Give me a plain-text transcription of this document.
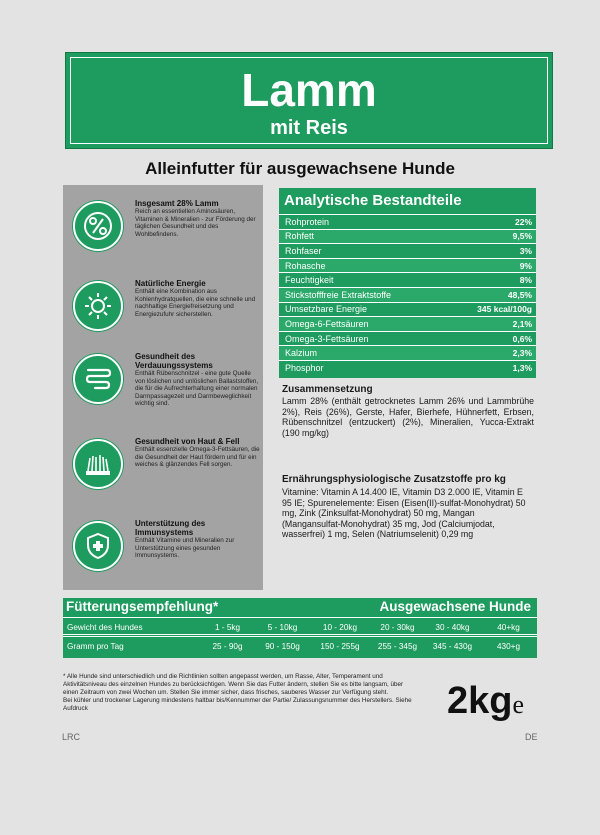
Lamm
mit Reis
Alleinfutter für ausgewachsene Hunde
Insgesamt 28% Lamm
Reich an essentiellen Aminosäuren, Vitaminen & Mineralien - zur Förderung der täglichen Gesundheit und des Wohlbefindens.
Natürliche Energie
Enthält eine Kombination aus Kohlenhydratquellen, die eine schnelle und nachhaltige Energiefreisetzung und Energiezufuhr sicherstellen.
Gesundheit des Verdauungssystems
Enthält Rübenschnitzel - eine gute Quelle von löslichen und unlöslichen Ballaststoffen, die für die Aufrechterhaltung einer normalen Darmpassagezeit und Darmbeweglichkeit wichtig sind.
Gesundheit von Haut & Fell
Enthält essenzielle Omega-3-Fettsäuren, die die Gesundheit der Haut fördern und für ein weiches & glänzendes Fell sorgen.
Unterstützung des Immunsystems
Enthält Vitamine und Mineralien zur Unterstützung eines gesunden Immunsystems.
Analytische Bestandteile
Rohprotein	22%
Rohfett	9,5%
Rohfaser	3%
Rohasche	9%
Feuchtigkeit	8%
Stickstofffreie Extraktstoffe	48,5%
Umsetzbare Energie	345 kcal/100g
Omega-6-Fettsäuren	2,1%
Omega-3-Fettsäuren	0,6%
Kalzium	2,3%
Phosphor	1,3%
Zusammensetzung
Lamm 28% (enthält getrocknetes Lamm 26% und Lammbrühe 2%), Reis (26%), Gerste, Hafer, Bierhefe, Hühnerfett, Erbsen, Rübenschnitzel (entzuckert) (2%), Mineralien, Yucca-Extrakt (190 mg/kg)
Ernährungsphysiologische Zusatzstoffe pro kg
Vitamine: Vitamin A 14.400 IE, Vitamin D3 2.000 IE, Vitamin E 95 IE; Spurenelemente: Eisen (Eisen(II)-sulfat-Monohydrat) 50 mg, Zink (Zinksulfat-Monohydrat) 50 mg, Mangan (Mangansulfat-Monohydrat) 35 mg, Jod (Calciumjodat, wasserfrei) 1 mg, Selen (Natriumselenit) 0,29 mg
Fütterungsempfehlung*	Ausgewachsene Hunde
Gewicht des Hundes	1 - 5kg	5 - 10kg	10 - 20kg	20 - 30kg	30 - 40kg	40+kg
Gramm pro Tag	25 - 90g	90 - 150g	150 - 255g	255 - 345g	345 - 430g	430+g
* Alle Hunde sind unterschiedlich und die Richtlinien sollten angepasst werden, um Rasse, Alter, Temperament und Aktivitätsniveau des einzelnen Hundes zu berücksichtigen. Wenn Sie das Futter ändern, stellen Sie es bitte langsam, über einen Zeitraum von zwei Wochen um. Stellen Sie immer sicher, dass frisches, sauberes Wasser zur Verfügung steht.
Bei kühler und trockener Lagerung mindestens haltbar bis/Kennummer der Partie/ Zulassungsnummer des Herstellers. Siehe Aufdruck	2kge
LRC	DE
